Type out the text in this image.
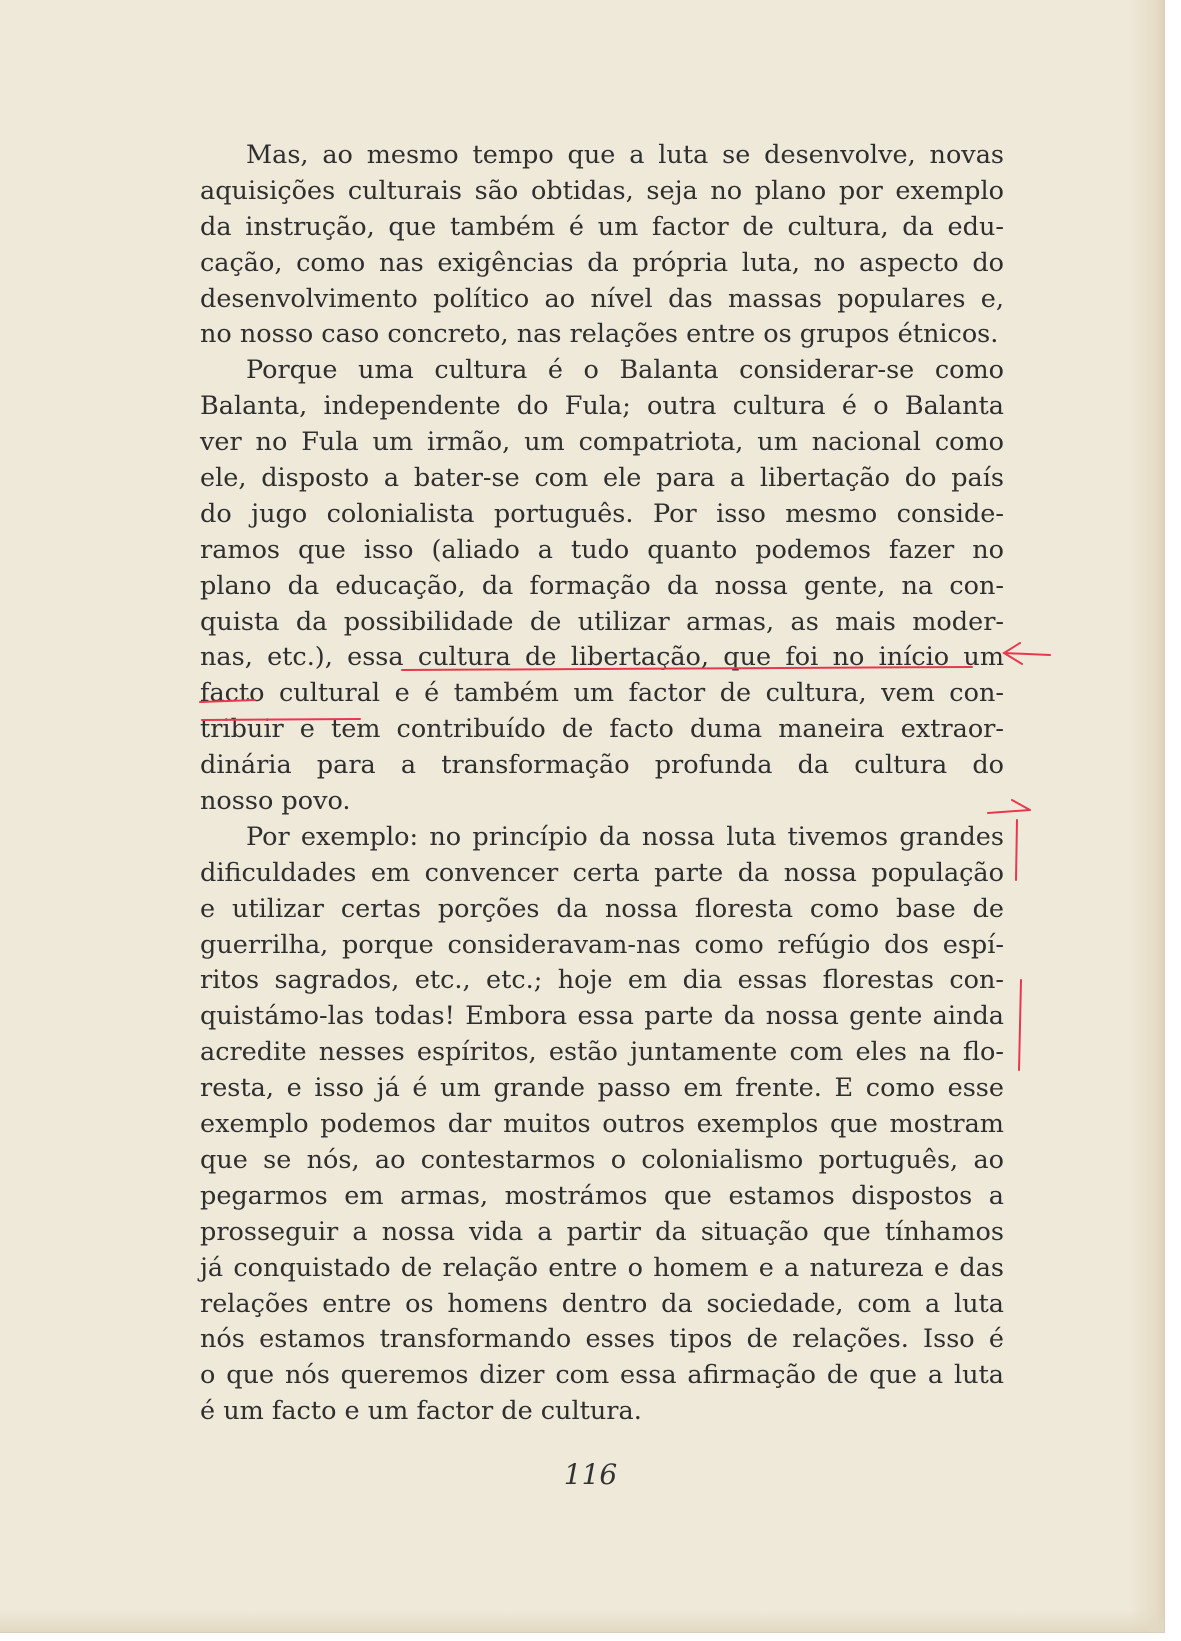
Mas, ao mesmo tempo que a luta se desenvolve, novas
aquisições culturais são obtidas, seja no plano por exemplo
da instrução, que também é um factor de cultura, da edu-
cação, como nas exigências da própria luta, no aspecto do
desenvolvimento político ao nível das massas populares e,
no nosso caso concreto, nas relações entre os grupos étnicos.
Porque uma cultura é o Balanta considerar-se como
Balanta, independente do Fula; outra cultura é o Balanta
ver no Fula um irmão, um compatriota, um nacional como
ele, disposto a bater-se com ele para a libertação do país
do jugo colonialista português. Por isso mesmo conside-
ramos que isso (aliado a tudo quanto podemos fazer no
plano da educação, da formação da nossa gente, na con-
quista da possibilidade de utilizar armas, as mais moder-
nas, etc.), essa cultura de libertação, que foi no início um
facto cultural e é também um factor de cultura, vem con-
tribuir e tem contribuído de facto duma maneira extraor-
dinária para a transformação profunda da cultura do
nosso povo.
Por exemplo: no princípio da nossa luta tivemos grandes
dificuldades em convencer certa parte da nossa população
e utilizar certas porções da nossa floresta como base de
guerrilha, porque consideravam-nas como refúgio dos espí-
ritos sagrados, etc., etc.; hoje em dia essas florestas con-
quistámo-las todas! Embora essa parte da nossa gente ainda
acredite nesses espíritos, estão juntamente com eles na flo-
resta, e isso já é um grande passo em frente. E como esse
exemplo podemos dar muitos outros exemplos que mostram
que se nós, ao contestarmos o colonialismo português, ao
pegarmos em armas, mostrámos que estamos dispostos a
prosseguir a nossa vida a partir da situação que tínhamos
já conquistado de relação entre o homem e a natureza e das
relações entre os homens dentro da sociedade, com a luta
nós estamos transformando esses tipos de relações. Isso é
o que nós queremos dizer com essa afirmação de que a luta
é um facto e um factor de cultura.
116
